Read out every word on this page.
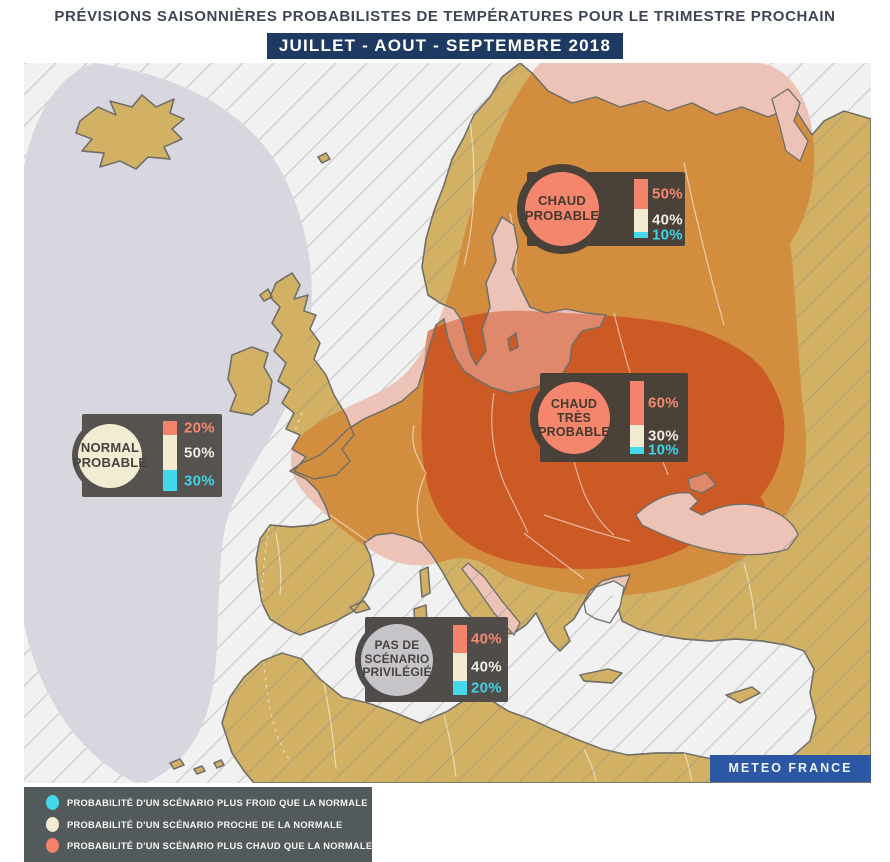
PRÉVISIONS SAISONNIÈRES PROBABILISTES DE TEMPÉRATURES POUR LE TRIMESTRE PROCHAIN
JUILLET - AOUT - SEPTEMBRE 2018
METEO FRANCE
PROBABILITÉ D'UN SCÉNARIO PLUS FROID QUE LA NORMALE
PROBABILITÉ D'UN SCÉNARIO PROCHE DE LA NORMALE
PROBABILITÉ D'UN SCÉNARIO PLUS CHAUD QUE LA NORMALE
NORMAL
PROBABLE
20%
50%
30%
CHAUD
PROBABLE
50%
40%
10%
CHAUD
TRÈS
PROBABLE
60%
30%
10%
PAS DE
SCÉNARIO
PRIVILÉGIÉ
40%
40%
20%
